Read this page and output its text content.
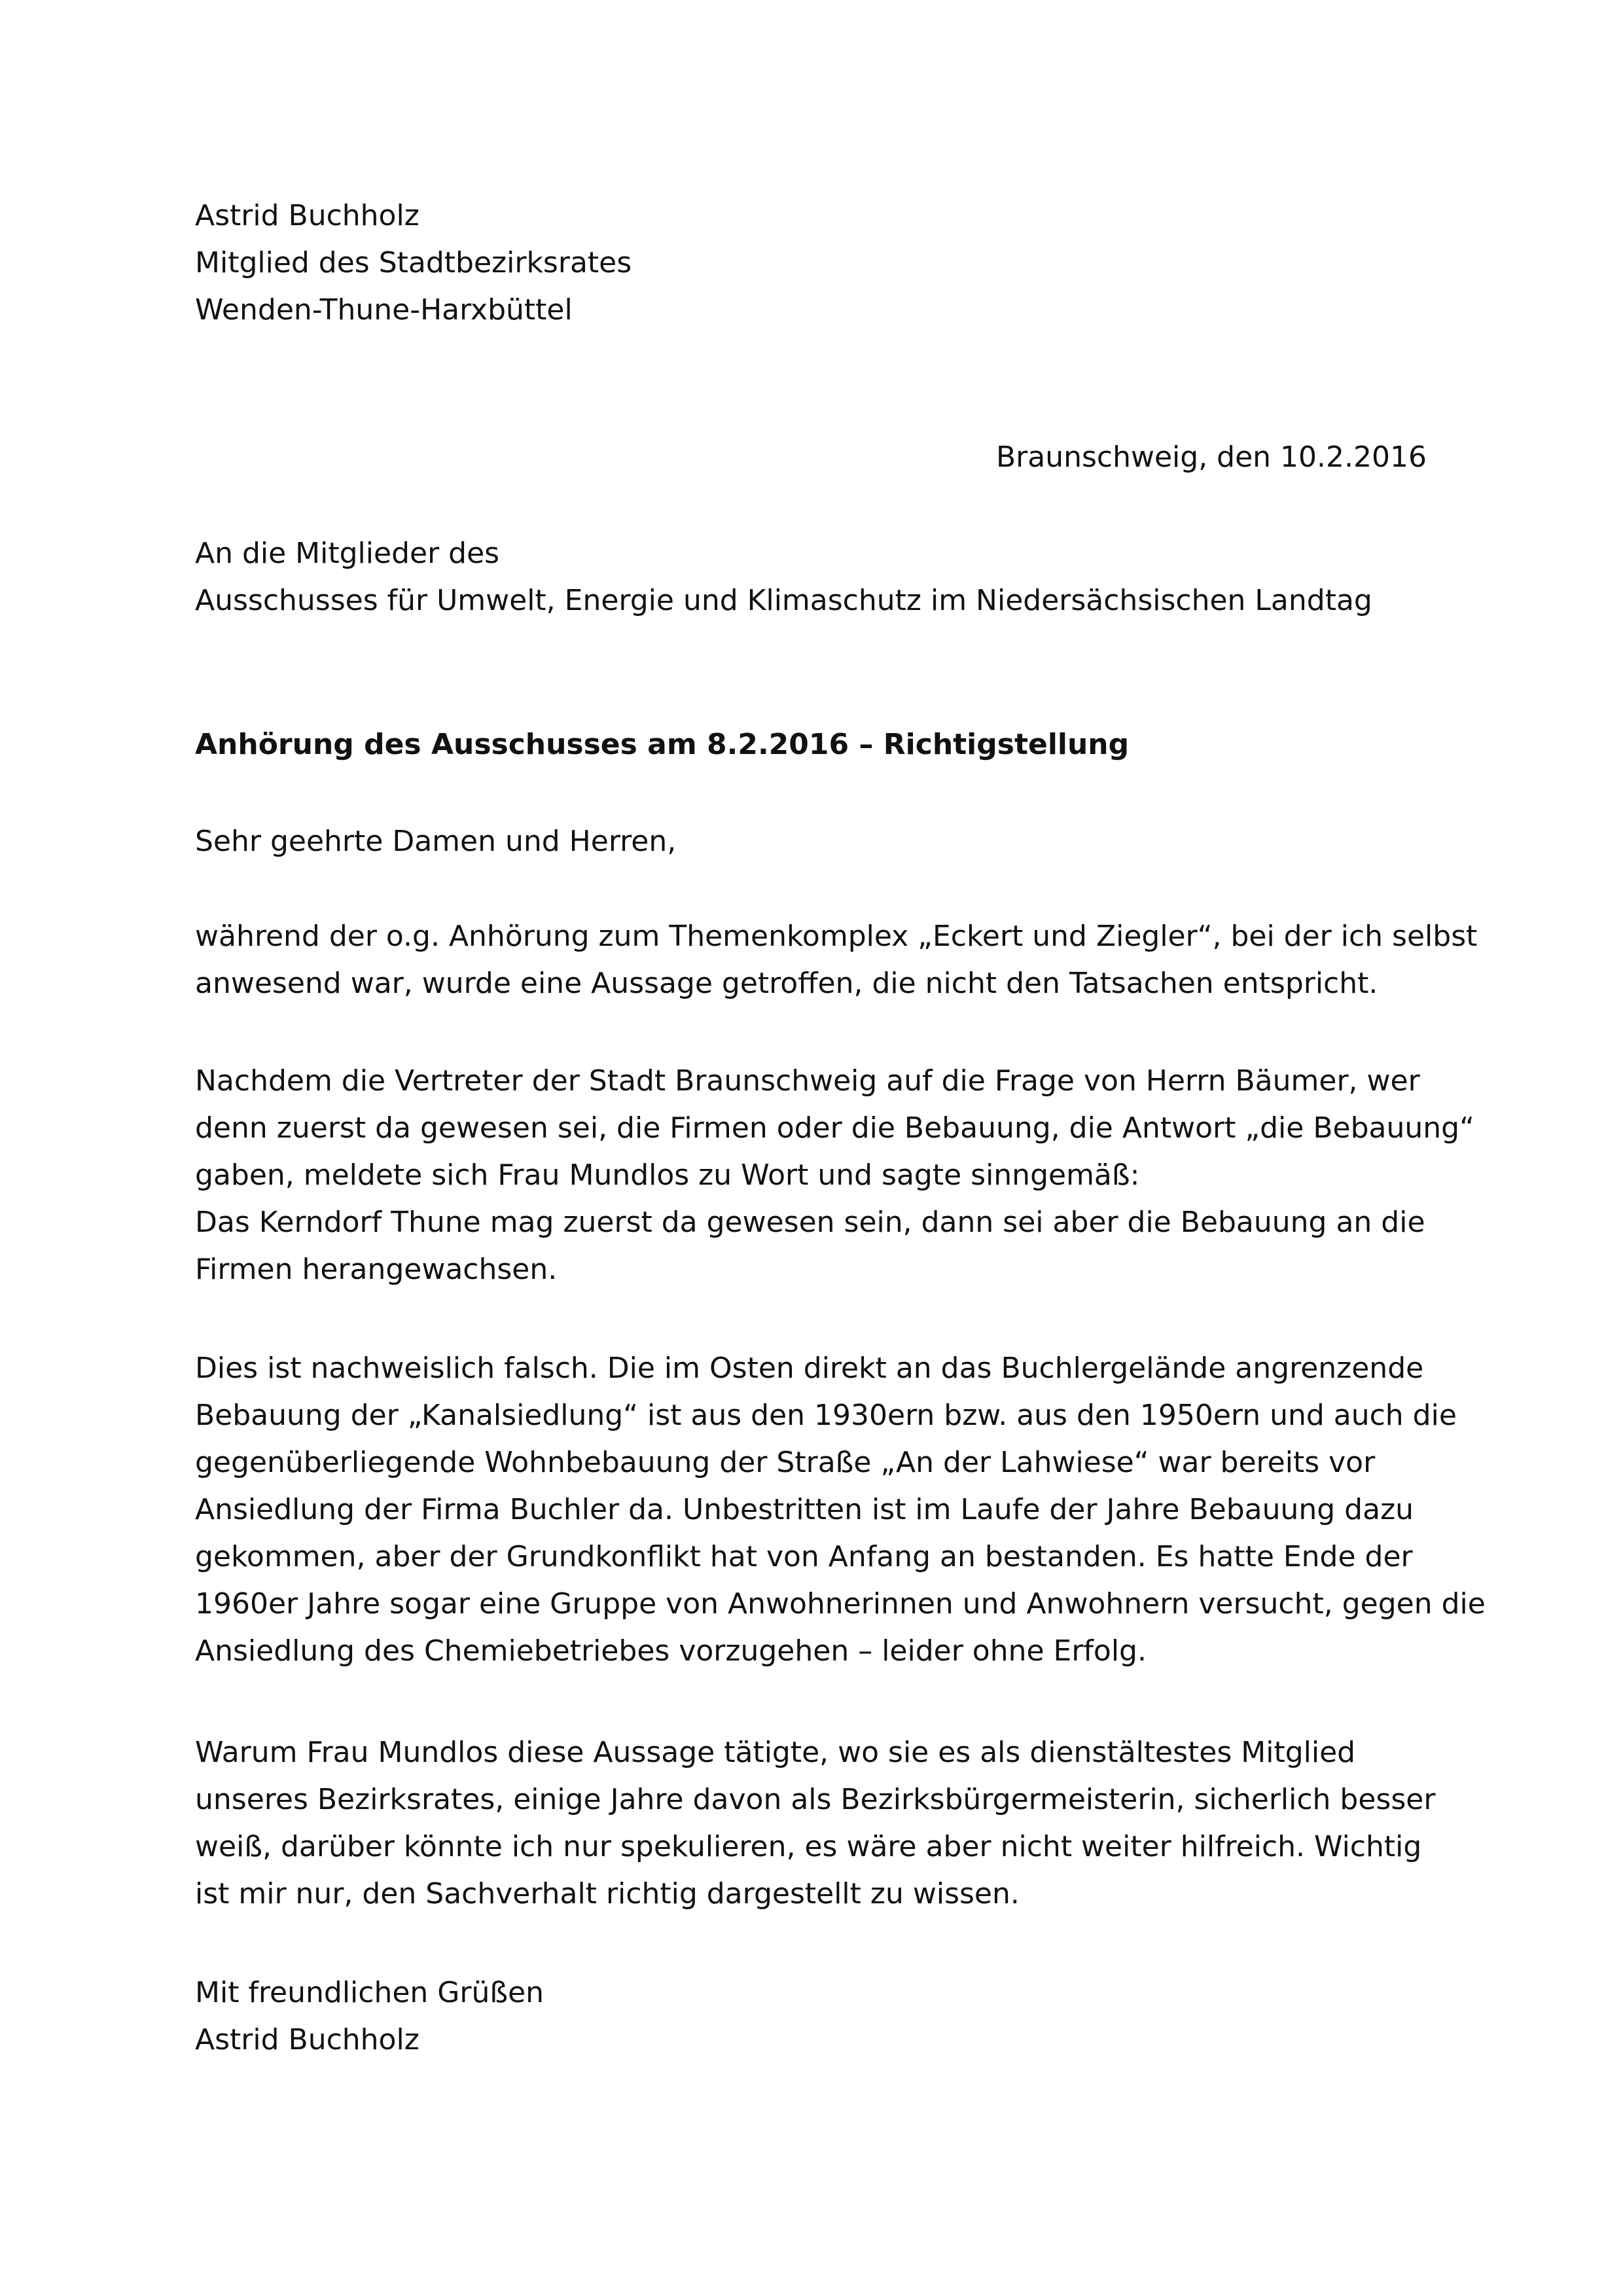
Astrid Buchholz
Mitglied des Stadtbezirksrates
Wenden-Thune-Harxbüttel
Braunschweig, den 10.2.2016
An die Mitglieder des
Ausschusses für Umwelt, Energie und Klimaschutz im Niedersächsischen Landtag
Anhörung des Ausschusses am 8.2.2016 – Richtigstellung
Sehr geehrte Damen und Herren,
während der o.g. Anhörung zum Themenkomplex „Eckert und Ziegler“, bei der ich selbst
anwesend war, wurde eine Aussage getroffen, die nicht den Tatsachen entspricht.
Nachdem die Vertreter der Stadt Braunschweig auf die Frage von Herrn Bäumer, wer
denn zuerst da gewesen sei, die Firmen oder die Bebauung, die Antwort „die Bebauung“
gaben, meldete sich Frau Mundlos zu Wort und sagte sinngemäß:
Das Kerndorf Thune mag zuerst da gewesen sein, dann sei aber die Bebauung an die
Firmen herangewachsen.
Dies ist nachweislich falsch. Die im Osten direkt an das Buchlergelände angrenzende
Bebauung der „Kanalsiedlung“ ist aus den 1930ern bzw. aus den 1950ern und auch die
gegenüberliegende Wohnbebauung der Straße „An der Lahwiese“ war bereits vor
Ansiedlung der Firma Buchler da. Unbestritten ist im Laufe der Jahre Bebauung dazu
gekommen, aber der Grundkonflikt hat von Anfang an bestanden. Es hatte Ende der
1960er Jahre sogar eine Gruppe von Anwohnerinnen und Anwohnern versucht, gegen die
Ansiedlung des Chemiebetriebes vorzugehen – leider ohne Erfolg.
Warum Frau Mundlos diese Aussage tätigte, wo sie es als dienstältestes Mitglied
unseres Bezirksrates, einige Jahre davon als Bezirksbürgermeisterin, sicherlich besser
weiß, darüber könnte ich nur spekulieren, es wäre aber nicht weiter hilfreich. Wichtig
ist mir nur, den Sachverhalt richtig dargestellt zu wissen.
Mit freundlichen Grüßen
Astrid Buchholz
